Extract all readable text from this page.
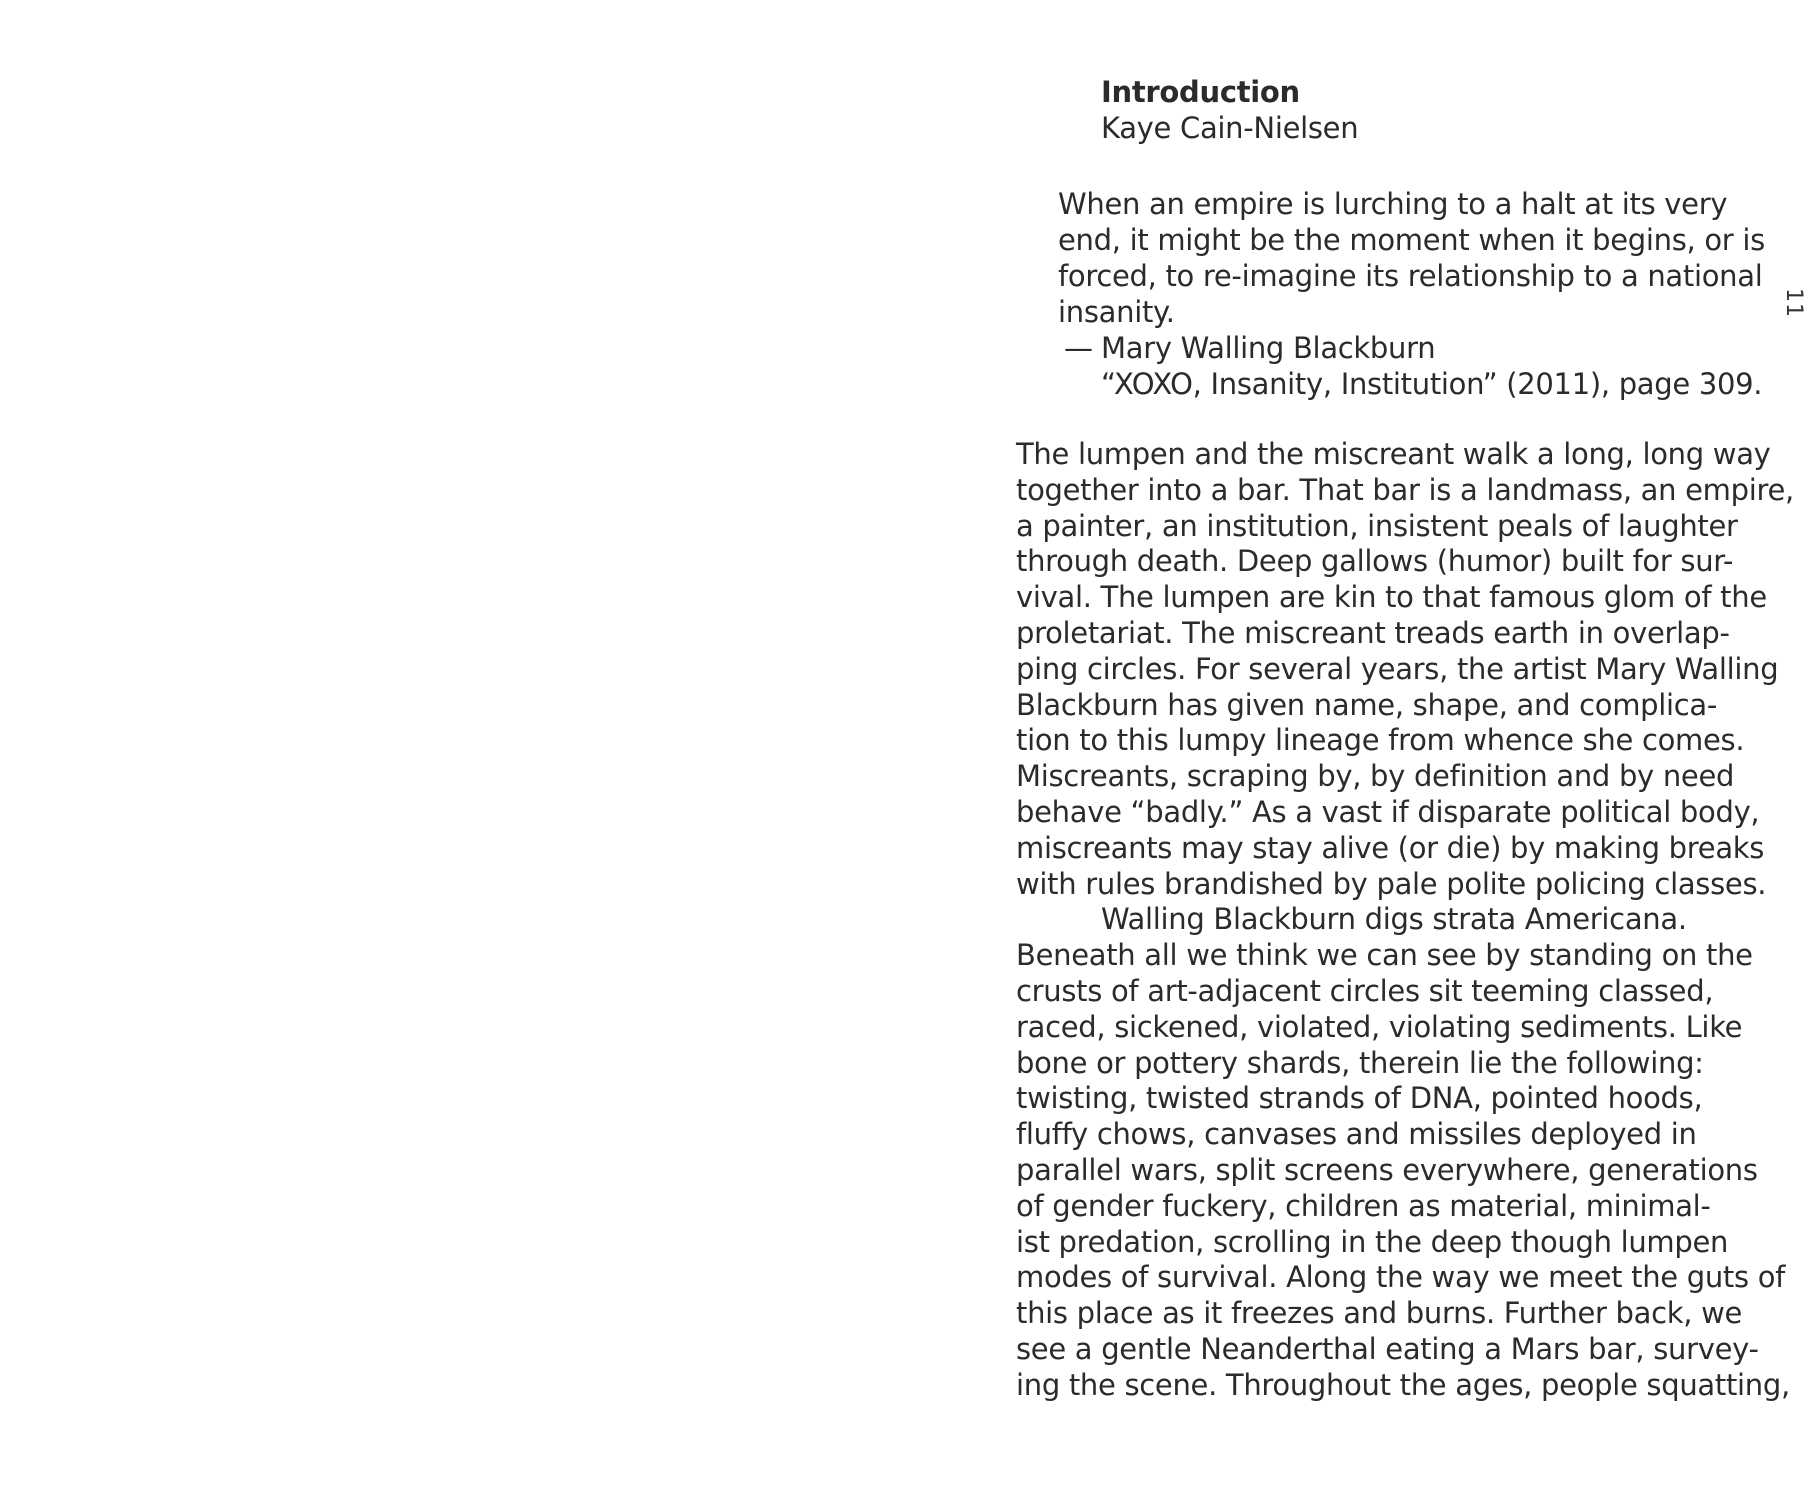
Introduction
Kaye Cain-Nielsen
When an empire is lurching to a halt at its very
end, it might be the moment when it begins, or is
forced, to re-imagine its relationship to a national
insanity.
— Mary Walling Blackburn
“XOXO, Insanity, Institution” (2011), page 309.
The lumpen and the miscreant walk a long, long way
together into a bar. That bar is a landmass, an empire,
a painter, an institution, insistent peals of laughter
through death. Deep gallows (humor) built for sur-
vival. The lumpen are kin to that famous glom of the
proletariat. The miscreant treads earth in overlap-
ping circles. For several years, the artist Mary Walling
Blackburn has given name, shape, and complica-
tion to this lumpy lineage from whence she comes.
Miscreants, scraping by, by definition and by need
behave “badly.” As a vast if disparate political body,
miscreants may stay alive (or die) by making breaks
with rules brandished by pale polite policing classes.
Walling Blackburn digs strata Americana.
Beneath all we think we can see by standing on the
crusts of art-adjacent circles sit teeming classed,
raced, sickened, violated, violating sediments. Like
bone or pottery shards, therein lie the following:
twisting, twisted strands of DNA, pointed hoods,
fluffy chows, canvases and missiles deployed in
parallel wars, split screens everywhere, generations
of gender fuckery, children as material, minimal-
ist predation, scrolling in the deep though lumpen
modes of survival. Along the way we meet the guts of
this place as it freezes and burns. Further back, we
see a gentle Neanderthal eating a Mars bar, survey-
ing the scene. Throughout the ages, people squatting,
11
